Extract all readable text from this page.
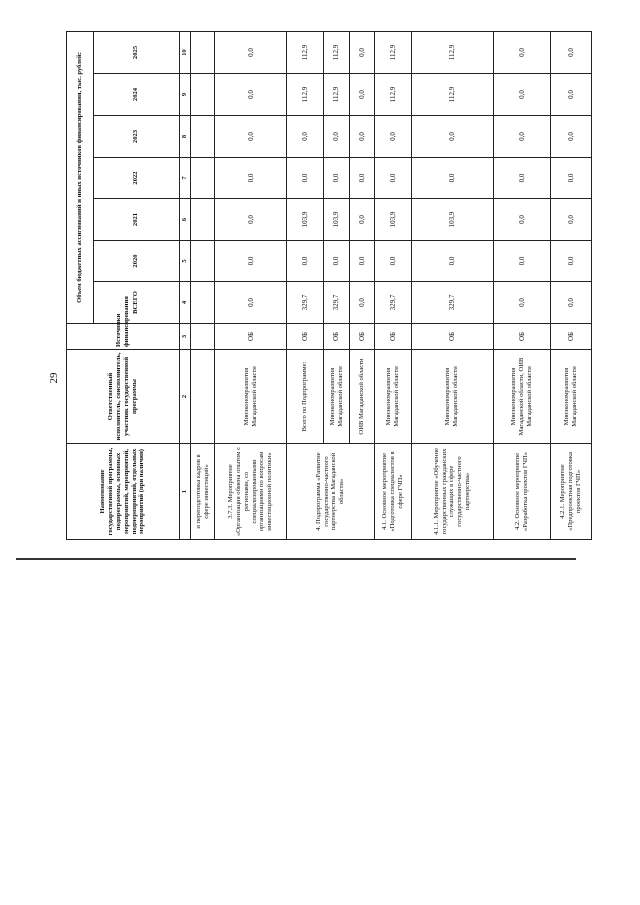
29
Наименование государственной программы, подпрограммы, основных мероприятий, мероприятий, подмероприятий, отдельных мероприятий (при наличии)	Ответственный исполнитель, соисполнитель, участник государственной программы	Источники финансирования	Объем бюджетных ассигнований и иных источников финансирования, тыс. рублей:						
			ВСЕГО	2020	2021	2022	2023	2024	2025
1	2	3	4	5	6	7	8	9	10
и переподготовка кадров в сфере инвестиций»									
3.7.3. Мероприятие «Организация обмена опытом с регионами, со специализированными организациями по вопросам инвестиционной политики»	Минэкономразвития Магаданской области	ОБ	0,0	0,0	0,0	0,0	0,0	0,0	0,0
4. Подпрограмма «Развитие государственно-частного партнерства в Магаданской области»	Всего по Подпрограмме:	ОБ	329,7	0,0	103,9	0,0	0,0	112,9	112,9
	Минэкономразвития Магаданской области	ОБ	329,7	0,0	103,9	0,0	0,0	112,9	112,9
	ОИВ Магаданской области	ОБ	0,0	0,0	0,0	0,0	0,0	0,0	0,0
4.1. Основное мероприятие «Подготовка специалистов в сфере ГЧП»	Минэкономразвития Магаданской области	ОБ	329,7	0,0	103,9	0,0	0,0	112,9	112,9
4.1.1. Мероприятие «Обучение государственных гражданских служащих в сфере государственно-частного партнерства»	Минэкономразвития Магаданской области	ОБ	329,7	0,0	103,9	0,0	0,0	112,9	112,9
4.2. Основное мероприятие «Разработка проектов ГЧП»	Минэкономразвития Магаданской области, ОИВ Магаданской области	ОБ	0,0	0,0	0,0	0,0	0,0	0,0	0,0
4.2.1. Мероприятие «Предпроектная подготовка проектов ГЧП»	Минэкономразвития Магаданской области	ОБ	0,0	0,0	0,0	0,0	0,0	0,0	0,0
